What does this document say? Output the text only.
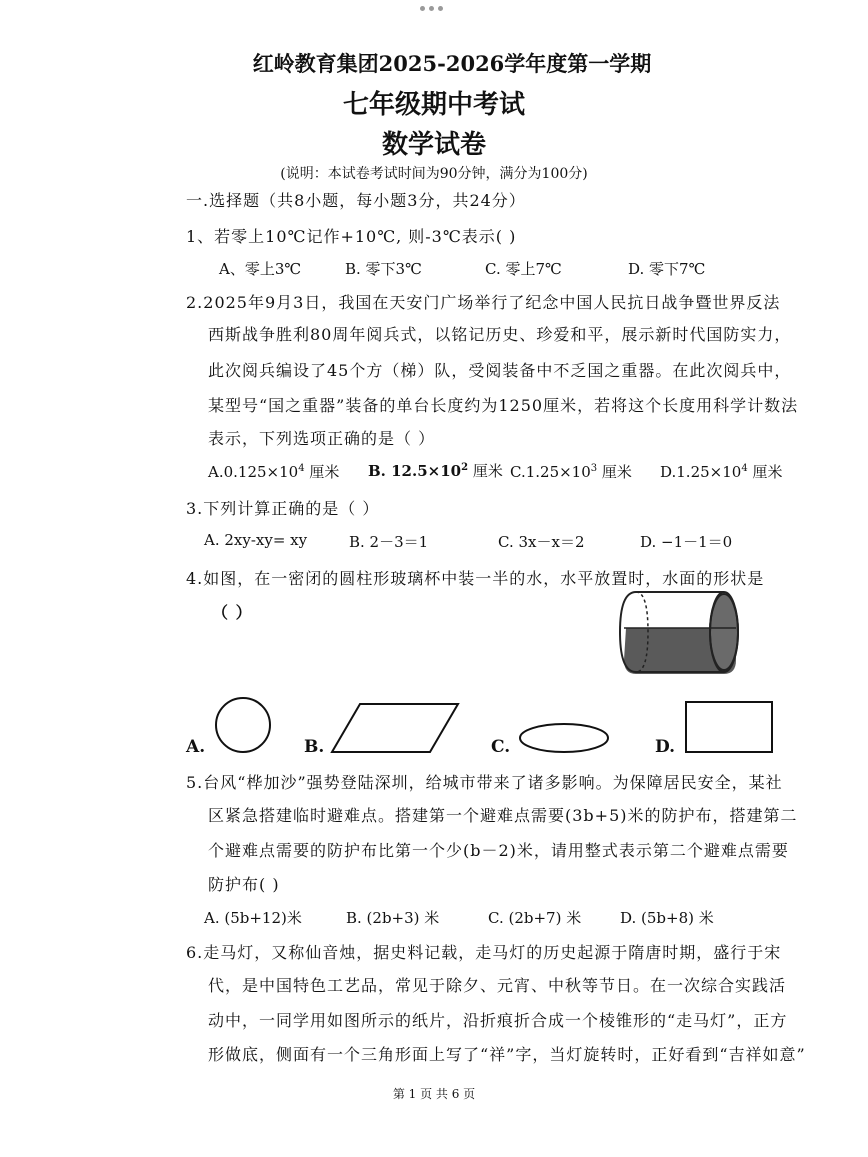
红岭教育集团2025-2026学年度第一学期
七年级期中考试
数学试卷
(说明：本试卷考试时间为90分钟，满分为100分)
一.选择题（共8小题，每小题3分，共24分）
1、若零上10℃记作+10℃, 则-3℃表示( )
A、零上3℃	B. 零下3℃	C. 零上7℃	D. 零下7℃
2.2025年9月3日，我国在天安门广场举行了纪念中国人民抗日战争暨世界反法
西斯战争胜利80周年阅兵式，以铭记历史、珍爱和平，展示新时代国防实力，
此次阅兵编设了45个方（梯）队，受阅装备中不乏国之重器。在此次阅兵中，
某型号“国之重器”装备的单台长度约为1250厘米，若将这个长度用科学计数法
表示，下列选项正确的是（ ）
$A.0.125\times 10^4$ 厘米 B. $12.5\times 10^2$ 厘米 $C.1.25\times 10^3$ 厘米 $D.1.25\times 10^4$ 厘米
3.下列计算正确的是（ ）
A. 2xy-xy= xy	B. 2－3＝1	C. 3x－x＝2	D. −1－1＝0
4.如图，在一密闭的圆柱形玻璃杯中装一半的水，水平放置时，水面的形状是
（ ）
A.	B.	C.	D.
5.台风“桦加沙”强势登陆深圳，给城市带来了诸多影响。为保障居民安全，某社
区紧急搭建临时避难点。搭建第一个避难点需要(3b+5)米的防护布，搭建第二
个避难点需要的防护布比第一个少(b－2)米，请用整式表示第二个避难点需要
防护布( )
A. (5b+12)米	B. (2b+3) 米	C. (2b+7) 米	D. (5b+8) 米
6.走马灯，又称仙音烛，据史料记载，走马灯的历史起源于隋唐时期，盛行于宋
代，是中国特色工艺品，常见于除夕、元宵、中秋等节日。在一次综合实践活
动中，一同学用如图所示的纸片，沿折痕折合成一个棱锥形的“走马灯”，正方
形做底，侧面有一个三角形面上写了“祥”字，当灯旋转时，正好看到“吉祥如意”
第 1 页 共 6 页
